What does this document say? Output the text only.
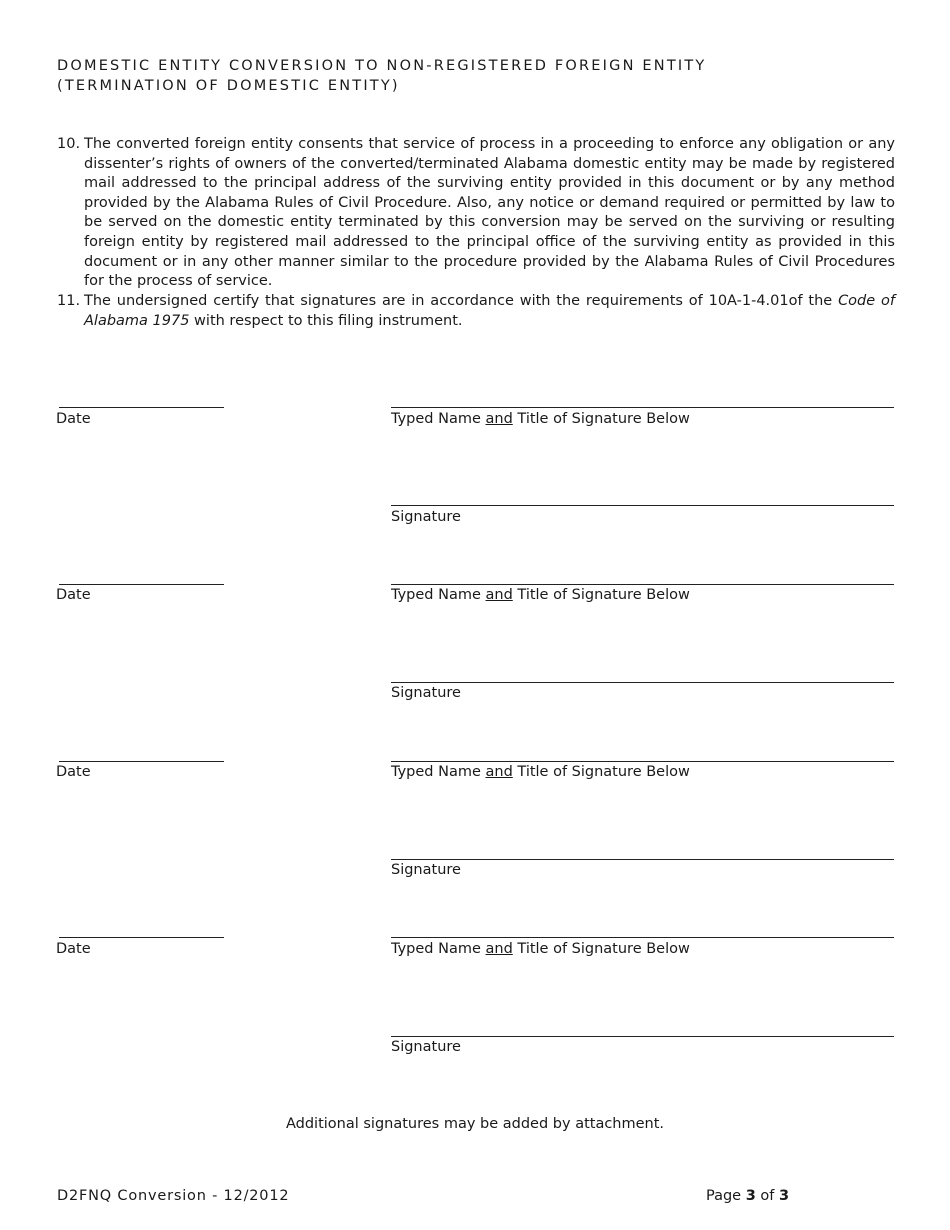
DOMESTIC ENTITY CONVERSION TO NON-REGISTERED FOREIGN ENTITY
(TERMINATION OF DOMESTIC ENTITY)
10. The converted foreign entity consents that service of process in a proceeding to enforce any obligation or any dissenter’s rights of owners of the converted/terminated Alabama domestic entity may be made by registered mail addressed to the principal address of the surviving entity provided in this document or by any method provided by the Alabama Rules of Civil Procedure. Also, any notice or demand required or permitted by law to be served on the domestic entity terminated by this conversion may be served on the surviving or resulting foreign entity by registered mail addressed to the principal office of the surviving entity as provided in this document or in any other manner similar to the procedure provided by the Alabama Rules of Civil Procedures for the process of service.
11. The undersigned certify that signatures are in accordance with the requirements of 10A-1-4.01of the Code of Alabama 1975 with respect to this filing instrument.
Date	Typed Name and Title of Signature Below
Signature
Date	Typed Name and Title of Signature Below
Signature
Date	Typed Name and Title of Signature Below
Signature
Date	Typed Name and Title of Signature Below
Signature
Additional signatures may be added by attachment.
D2FNQ Conversion - 12/2012	Page 3 of 3
